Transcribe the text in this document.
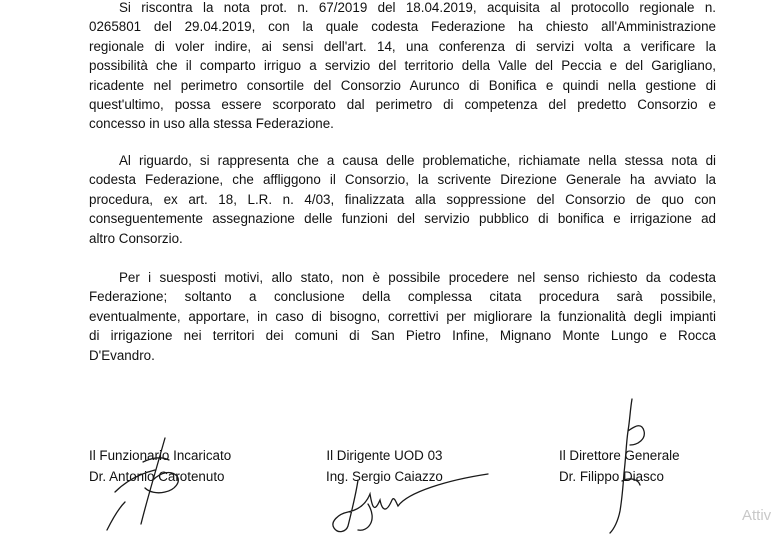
Si riscontra la nota prot. n. 67/2019 del 18.04.2019, acquisita al protocollo regionale n.
0265801 del 29.04.2019, con la quale codesta Federazione ha chiesto all'Amministrazione
regionale di voler indire, ai sensi dell'art. 14, una conferenza di servizi volta a verificare la
possibilità che il comparto irriguo a servizio del territorio della Valle del Peccia e del Garigliano,
ricadente nel perimetro consortile del Consorzio Aurunco di Bonifica e quindi nella gestione di
quest'ultimo, possa essere scorporato dal perimetro di competenza del predetto Consorzio e
concesso in uso alla stessa Federazione.
Al riguardo, si rappresenta che a causa delle problematiche, richiamate nella stessa nota di
codesta Federazione, che affliggono il Consorzio, la scrivente Direzione Generale ha avviato la
procedura, ex art. 18, L.R. n. 4/03, finalizzata alla soppressione del Consorzio de quo con
conseguentemente assegnazione delle funzioni del servizio pubblico di bonifica e irrigazione ad
altro Consorzio.
Per i suesposti motivi, allo stato, non è possibile procedere nel senso richiesto da codesta
Federazione; soltanto a conclusione della complessa citata procedura sarà possibile,
eventualmente, apportare, in caso di bisogno, correttivi per migliorare la funzionalità degli impianti
di irrigazione nei territori dei comuni di San Pietro Infine, Mignano Monte Lungo e Rocca
D'Evandro.
Il Funzionario Incaricato
Dr. Antonio Carotenuto
Il Dirigente UOD 03
Ing. Sergio Caiazzo
Il Direttore Generale
Dr. Filippo Diasco
Attiv
